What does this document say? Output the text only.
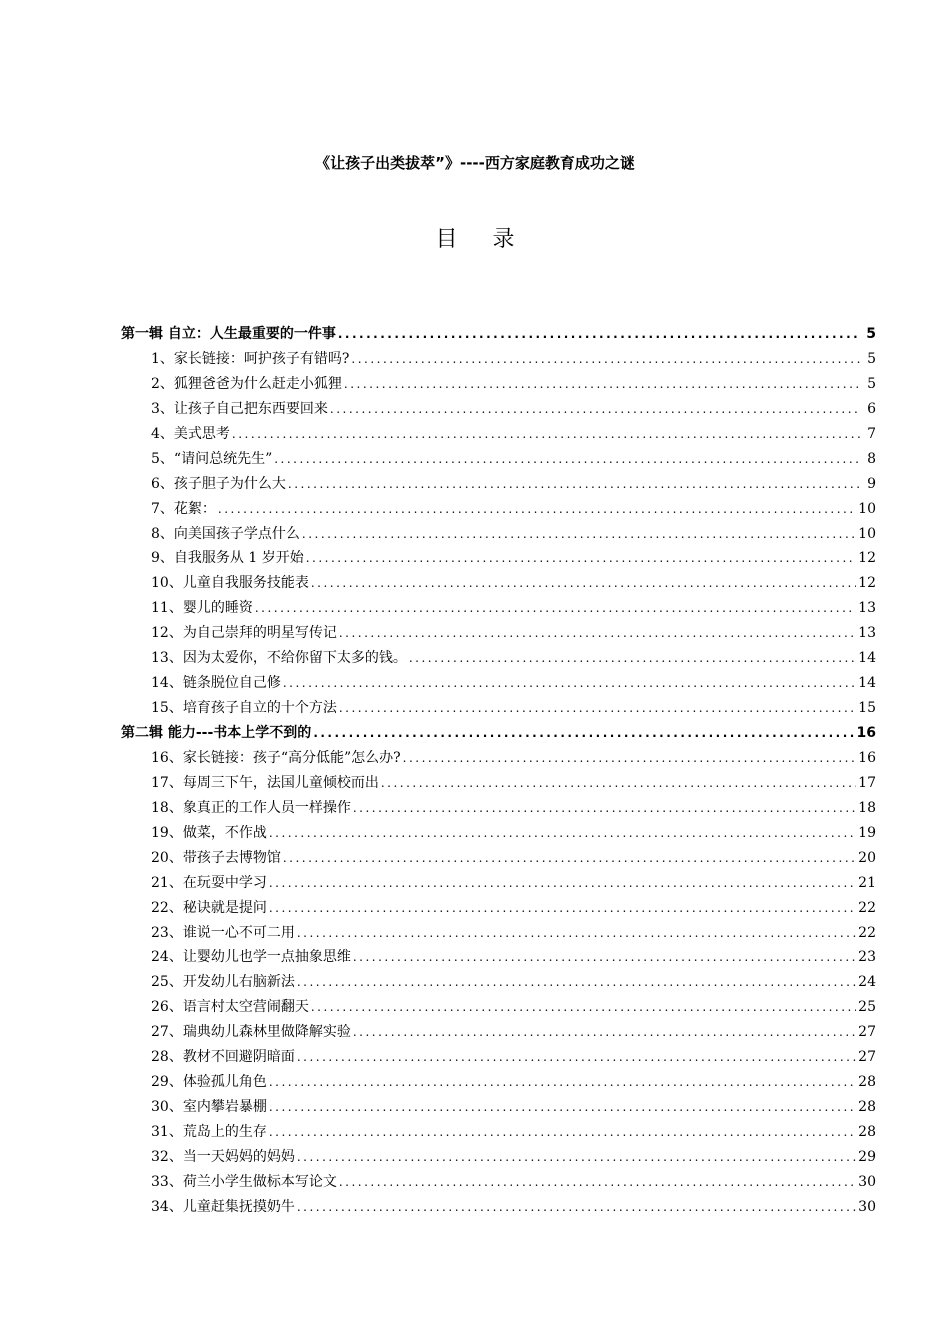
《让孩子出类拔萃”》----西方家庭教育成功之谜
目 录
第一辑 自立：人生最重要的一件事 .....	5
1、家长链接：呵护孩子有错吗? .....	5
2、狐狸爸爸为什么赶走小狐狸 .....	5
3、让孩子自己把东西要回来 .....	6
4、美式思考 .....	7
5、“请问总统先生” .....	8
6、孩子胆子为什么大 .....	9
7、花絮： .....	10
8、向美国孩子学点什么 .....	10
9、自我服务从 1 岁开始 .....	12
10、儿童自我服务技能表 .....	12
11、婴儿的睡资 .....	13
12、为自己崇拜的明星写传记 .....	13
13、因为太爱你，不给你留下太多的钱。 .....	14
14、链条脱位自己修 .....	14
15、培育孩子自立的十个方法 .....	15
第二辑 能力---书本上学不到的 .....	16
16、家长链接：孩子“高分低能”怎么办? .....	16
17、每周三下午，法国儿童倾校而出 .....	17
18、象真正的工作人员一样操作 .....	18
19、做菜，不作战 .....	19
20、带孩子去博物馆 .....	20
21、在玩耍中学习 .....	21
22、秘诀就是提问 .....	22
23、谁说一心不可二用 .....	22
24、让婴幼儿也学一点抽象思维 .....	23
25、开发幼儿右脑新法 .....	24
26、语言村太空营闹翻天 .....	25
27、瑞典幼儿森林里做降解实验 .....	27
28、教材不回避阴暗面 .....	27
29、体验孤儿角色 .....	28
30、室内攀岩暴棚 .....	28
31、荒岛上的生存 .....	28
32、当一天妈妈的妈妈 .....	29
33、荷兰小学生做标本写论文 .....	30
34、儿童赶集抚摸奶牛 .....	30
